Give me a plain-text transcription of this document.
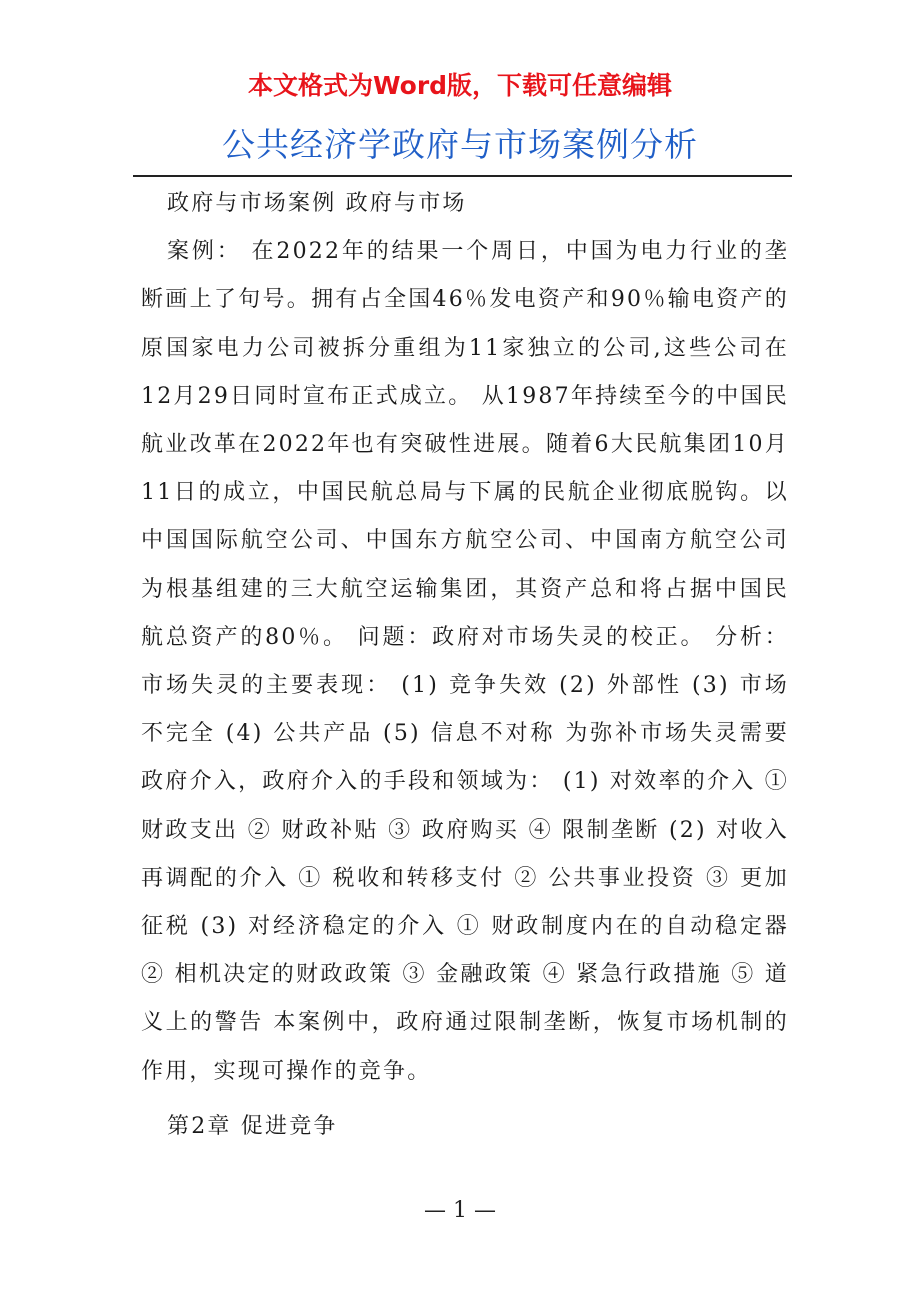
本文格式为Word版，下载可任意编辑
公共经济学政府与市场案例分析

政府与市场案例 政府与市场

案例： 在2022年的结果一个周日，中国为电力行业的垄断画上了句号。拥有占全国46％发电资产和90％输电资产的原国家电力公司被拆分重组为11家独立的公司,这些公司在12月29日同时宣布正式成立。 从1987年持续至今的中国民航业改革在2022年也有突破性进展。随着6大民航集团10月11日的成立，中国民航总局与下属的民航企业彻底脱钩。以中国国际航空公司、中国东方航空公司、中国南方航空公司为根基组建的三大航空运输集团，其资产总和将占据中国民航总资产的80％。 问题：政府对市场失灵的校正。 分析：市场失灵的主要表现： (1) 竞争失效 (2) 外部性 (3) 市场不完全 (4) 公共产品 (5) 信息不对称 为弥补市场失灵需要政府介入，政府介入的手段和领域为： (1) 对效率的介入 ① 财政支出 ② 财政补贴 ③ 政府购买 ④ 限制垄断 (2) 对收入再调配的介入 ① 税收和转移支付 ② 公共事业投资 ③ 更加征税 (3) 对经济稳定的介入 ① 财政制度内在的自动稳定器 ② 相机决定的财政政策 ③ 金融政策 ④ 紧急行政措施 ⑤ 道义上的警告 本案例中，政府通过限制垄断，恢复市场机制的作用，实现可操作的竞争。

第2章 促进竞争

— 1 —
